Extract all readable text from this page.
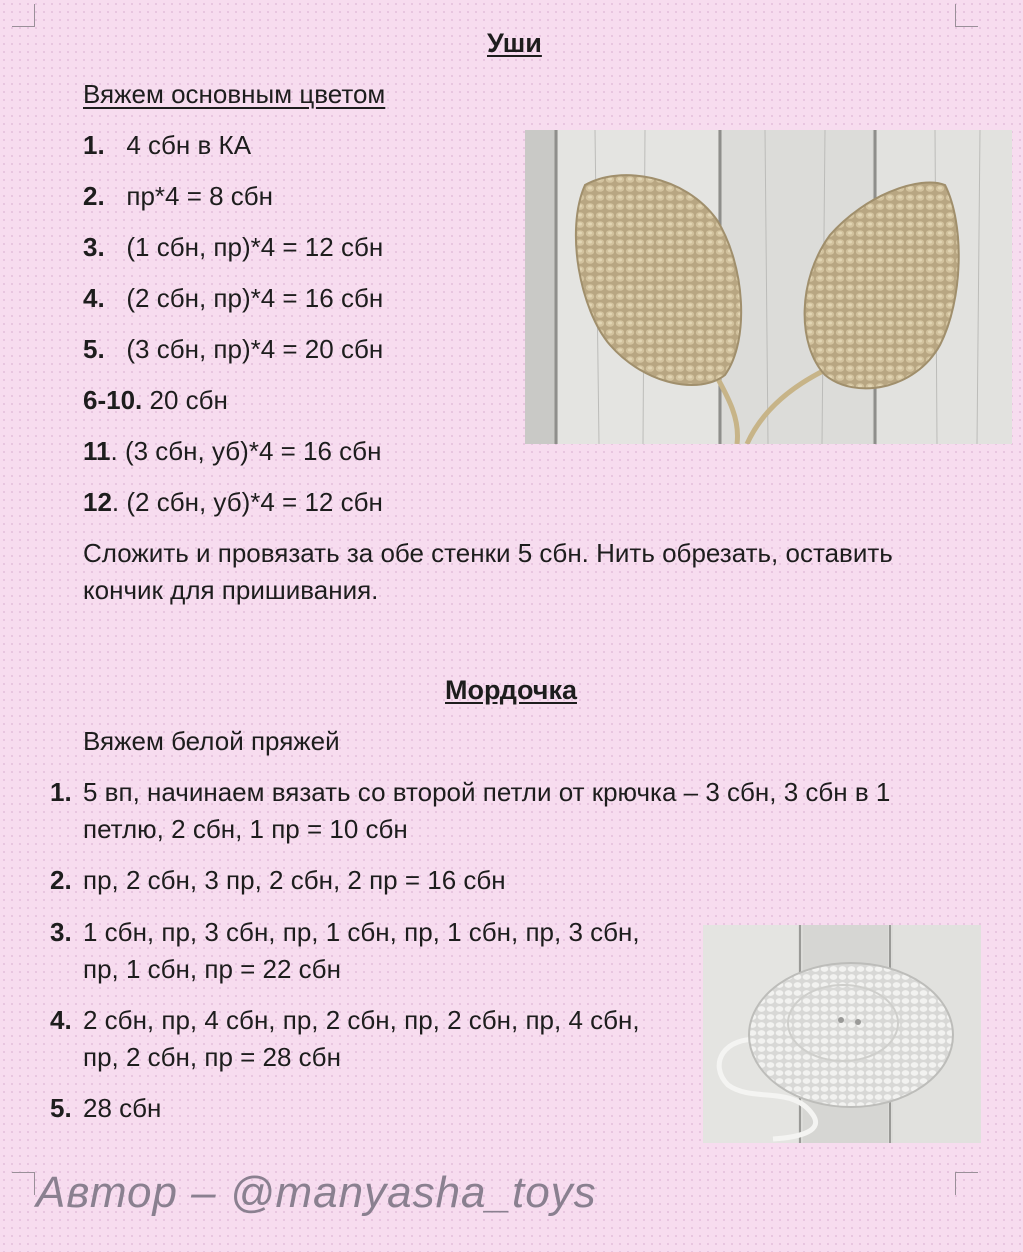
Уши
Вяжем основным цветом
1. 4 сбн в КА
2. пр*4 = 8 сбн
3. (1 сбн, пр)*4 = 12 сбн
4. (2 сбн, пр)*4 = 16 сбн
5. (3 сбн, пр)*4 = 20 сбн
6-10. 20 сбн
11. (3 сбн, уб)*4 = 16 сбн
12. (2 сбн, уб)*4 = 12 сбн
Сложить и провязать за обе стенки 5 сбн. Нить обрезать, оставить кончик для пришивания.
Мордочка
Вяжем белой пряжей
1. 5 вп, начинаем вязать со второй петли от крючка – 3 сбн, 3 сбн в 1 петлю, 2 сбн, 1 пр = 10 сбн
2. пр, 2 сбн, 3 пр, 2 сбн, 2 пр = 16 сбн
3. 1 сбн, пр, 3 сбн, пр, 1 сбн, пр, 1 сбн, пр, 3 сбн, пр, 1 сбн, пр = 22 сбн
4. 2 сбн, пр, 4 сбн, пр, 2 сбн, пр, 2 сбн, пр, 4 сбн, пр, 2 сбн, пр = 28 сбн
5. 28 сбн
Автор – @manyasha_toys
